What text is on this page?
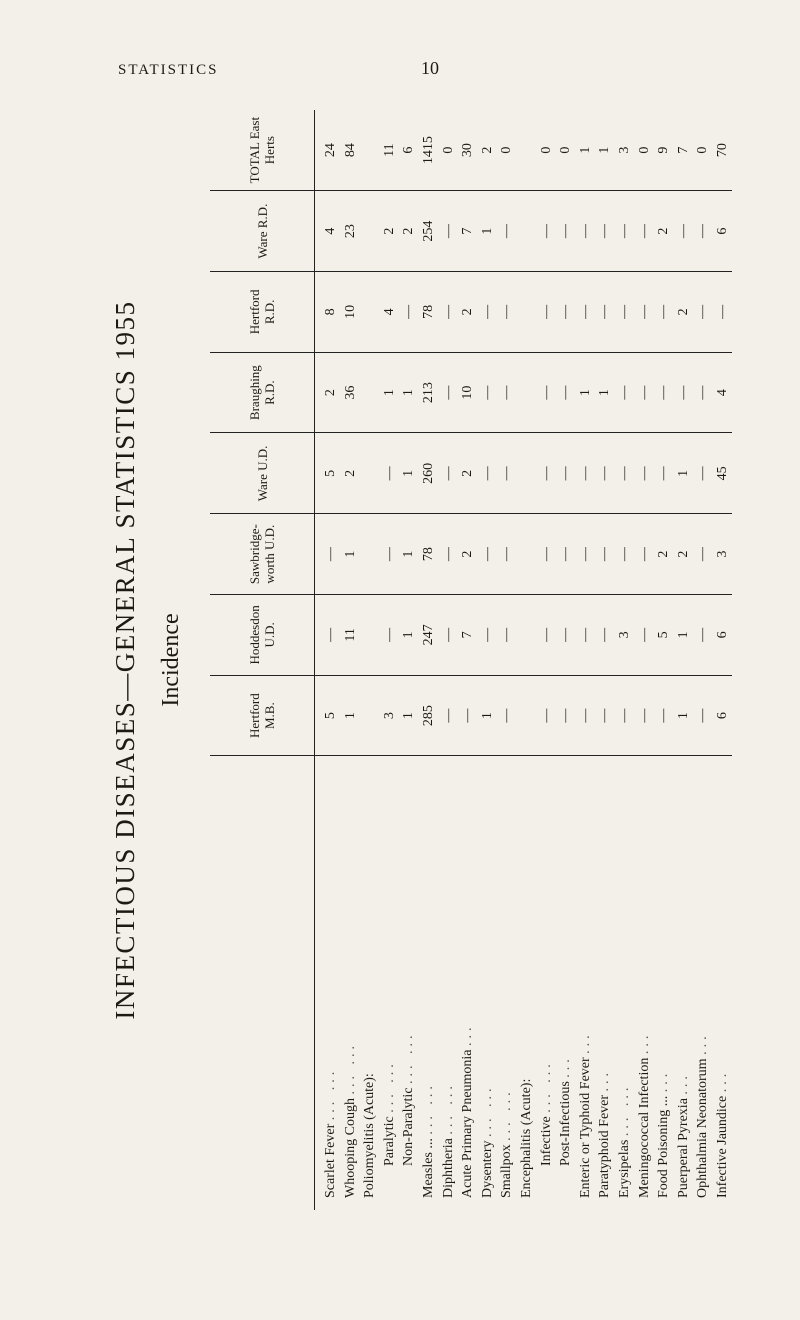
STATISTICS	10
INFECTIOUS DISEASES—GENERAL STATISTICS 1955 Incidence
	Hertford M.B.	Hoddesdon U.D.	Sawbridge- worth U.D.	Ware U.D.	Braughing R.D.	Hertford R.D.	Ware R.D.	TOTAL East Herts
Scarlet Fever ... ...	5	—	—	5	2	8	4	24
Whooping Cough ... ...	1	11	1	2	36	10	23	84
Poliomyelitis (Acute):								
Paralytic ... ...	3	—	—	—	1	4	2	11
Non-Paralytic ... ...	1	1	1	1	1	—	2	6
Measles ... ... ...	285	247	78	260	213	78	254	1415
Diphtheria ... ...	—	—	—	—	—	—	—	0
Acute Primary Pneumonia ...	—	7	2	2	10	2	7	30
Dysentery ... ...	1	—	—	—	—	—	1	2
Smallpox ... ...	—	—	—	—	—	—	—	0
Encephalitis (Acute):								
Infective ... ...	—	—	—	—	—	—	—	0
Post-Infectious ...	—	—	—	—	—	—	—	0
Enteric or Typhoid Fever ...	—	—	—	—	1	—	—	1
Paratyphoid Fever ...	—	—	—	—	1	—	—	1
Erysipelas ... ...	—	3	—	—	—	—	—	3
Meningococcal Infection ...	—	—	—	—	—	—	—	0
Food Poisoning ... ...	—	5	2	—	—	—	2	9
Puerperal Pyrexia ...	1	1	2	1	—	2	—	7
Ophthalmia Neonatorum ...	—	—	—	—	—	—	—	0
Infective Jaundice ...	6	6	3	45	4	—	6	70
